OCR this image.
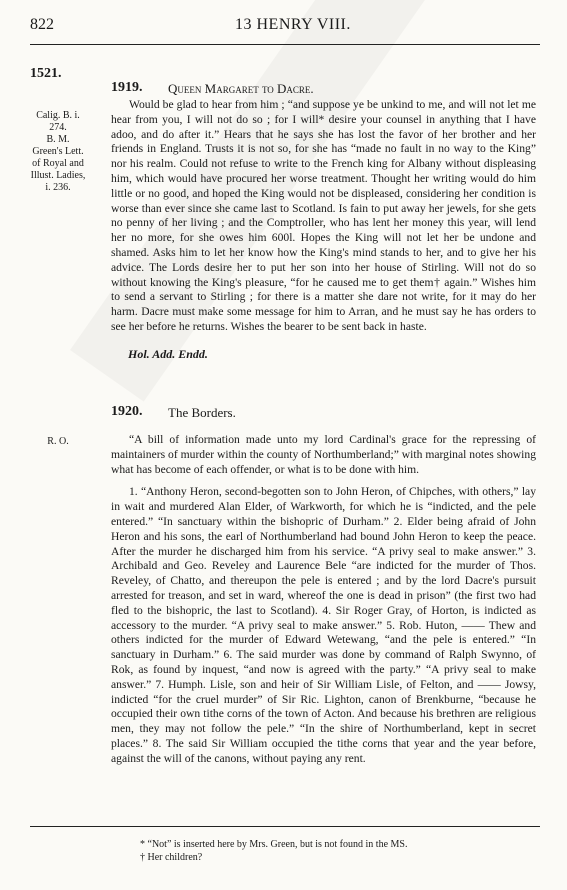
822	13 HENRY VIII.
1521.
1919. Queen Margaret to Dacre.
Calig. B. i.
274.
B. M.
Green's Lett.
of Royal and
Illust. Ladies,
i. 236.

Would be glad to hear from him ; “and suppose ye be unkind to me, and will not let me hear from you, I will not do so ; for I will* desire your counsel in anything that I have adoo, and do after it.” Hears that he says she has lost the favor of her brother and her friends in England. Trusts it is not so, for she has “made no fault in no way to the King” nor his realm. Could not refuse to write to the French king for Albany without displeasing him, which would have procured her worse treatment. Thought her writing would do him little or no good, and hoped the King would not be displeased, considering her condition is worse than ever since she came last to Scotland. Is fain to put away her jewels, for she gets no penny of her living ; and the Comptroller, who has lent her money this year, will lend her no more, for she owes him 600l. Hopes the King will not let her be undone and shamed. Asks him to let her know how the King's mind stands to her, and to give her his advice. The Lords desire her to put her son into her house of Stirling. Will not do so without knowing the King's pleasure, “for he caused me to get them† again.” Wishes him to send a servant to Stirling ; for there is a matter she dare not write, for it may do her harm. Dacre must make some message for him to Arran, and he must say he has orders to see her before he returns. Wishes the bearer to be sent back in haste.

Hol. Add. Endd.
1920. The Borders.
R. O.	“A bill of information made unto my lord Cardinal's grace for the repressing of maintainers of murder within the county of Northumberland;” with marginal notes showing what has become of each offender, or what is to be done with him.

1. “Anthony Heron, second-begotten son to John Heron, of Chipches, with others,” lay in wait and murdered Alan Elder, of Warkworth, for which he is “indicted, and the pele entered.” “In sanctuary within the bishopric of Durham.” 2. Elder being afraid of John Heron and his sons, the earl of Northumberland had bound John Heron to keep the peace. After the murder he discharged him from his service. “A privy seal to make answer.” 3. Archibald and Geo. Reveley and Laurence Bele “are indicted for the murder of Thos. Reveley, of Chatto, and thereupon the pele is entered ; and by the lord Dacre's pursuit arrested for treason, and set in ward, whereof the one is dead in prison” (the first two had fled to the bishopric, the last to Scotland). 4. Sir Roger Gray, of Horton, is indicted as accessory to the murder. “A privy seal to make answer.” 5. Rob. Huton, —— Thew and others indicted for the murder of Edward Wetewang, “and the pele is entered.” “In sanctuary in Durham.” 6. The said murder was done by command of Ralph Swynno, of Rok, as found by inquest, “and now is agreed with the party.” “A privy seal to make answer.” 7. Humph. Lisle, son and heir of Sir William Lisle, of Felton, and —— Jowsy, indicted “for the cruel murder” of Sir Ric. Lighton, canon of Brenkburne, “because he occupied their own tithe corns of the town of Acton. And because his brethren are religious men, they may not follow the pele.” “In the shire of Northumberland, kept in secret places.” 8. The said Sir William occupied the tithe corns that year and the year before, against the will of the canons, without paying any rent.

* “Not” is inserted here by Mrs. Green, but is not found in the MS.
† Her children?
